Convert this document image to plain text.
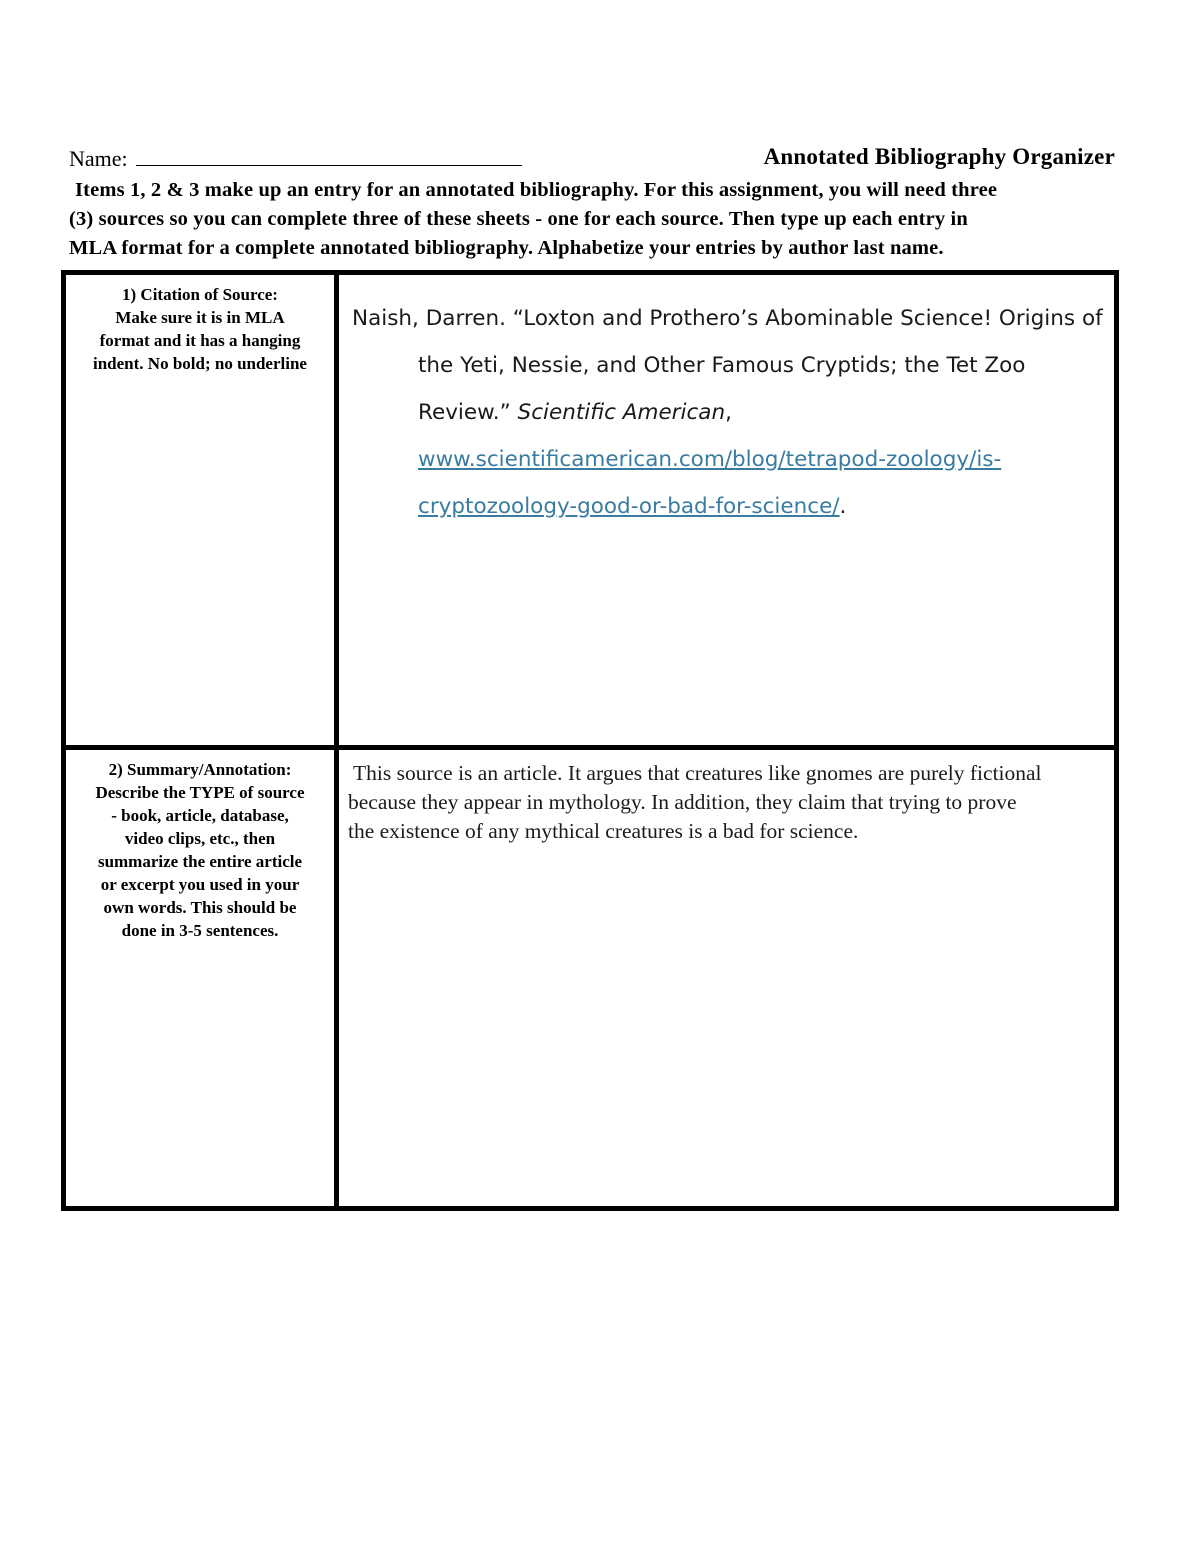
Name:	Annotated Bibliography Organizer
Items 1, 2 & 3 make up an entry for an annotated bibliography. For this assignment, you will need three
(3) sources so you can complete three of these sheets - one for each source. Then type up each entry in
MLA format for a complete annotated bibliography. Alphabetize your entries by author last name.
1) Citation of Source:
Make sure it is in MLA
format and it has a hanging
indent. No bold; no underline
Naish, Darren. “Loxton and Prothero’s Abominable Science! Origins of
the Yeti, Nessie, and Other Famous Cryptids; the Tet Zoo
Review.” Scientific American,
www.scientificamerican.com/blog/tetrapod-zoology/is-
cryptozoology-good-or-bad-for-science/.
2) Summary/Annotation:
Describe the TYPE of source
- book, article, database,
video clips, etc., then
summarize the entire article
or excerpt you used in your
own words. This should be
done in 3-5 sentences.
This source is an article. It argues that creatures like gnomes are purely fictional
because they appear in mythology. In addition, they claim that trying to prove
the existence of any mythical creatures is a bad for science.
